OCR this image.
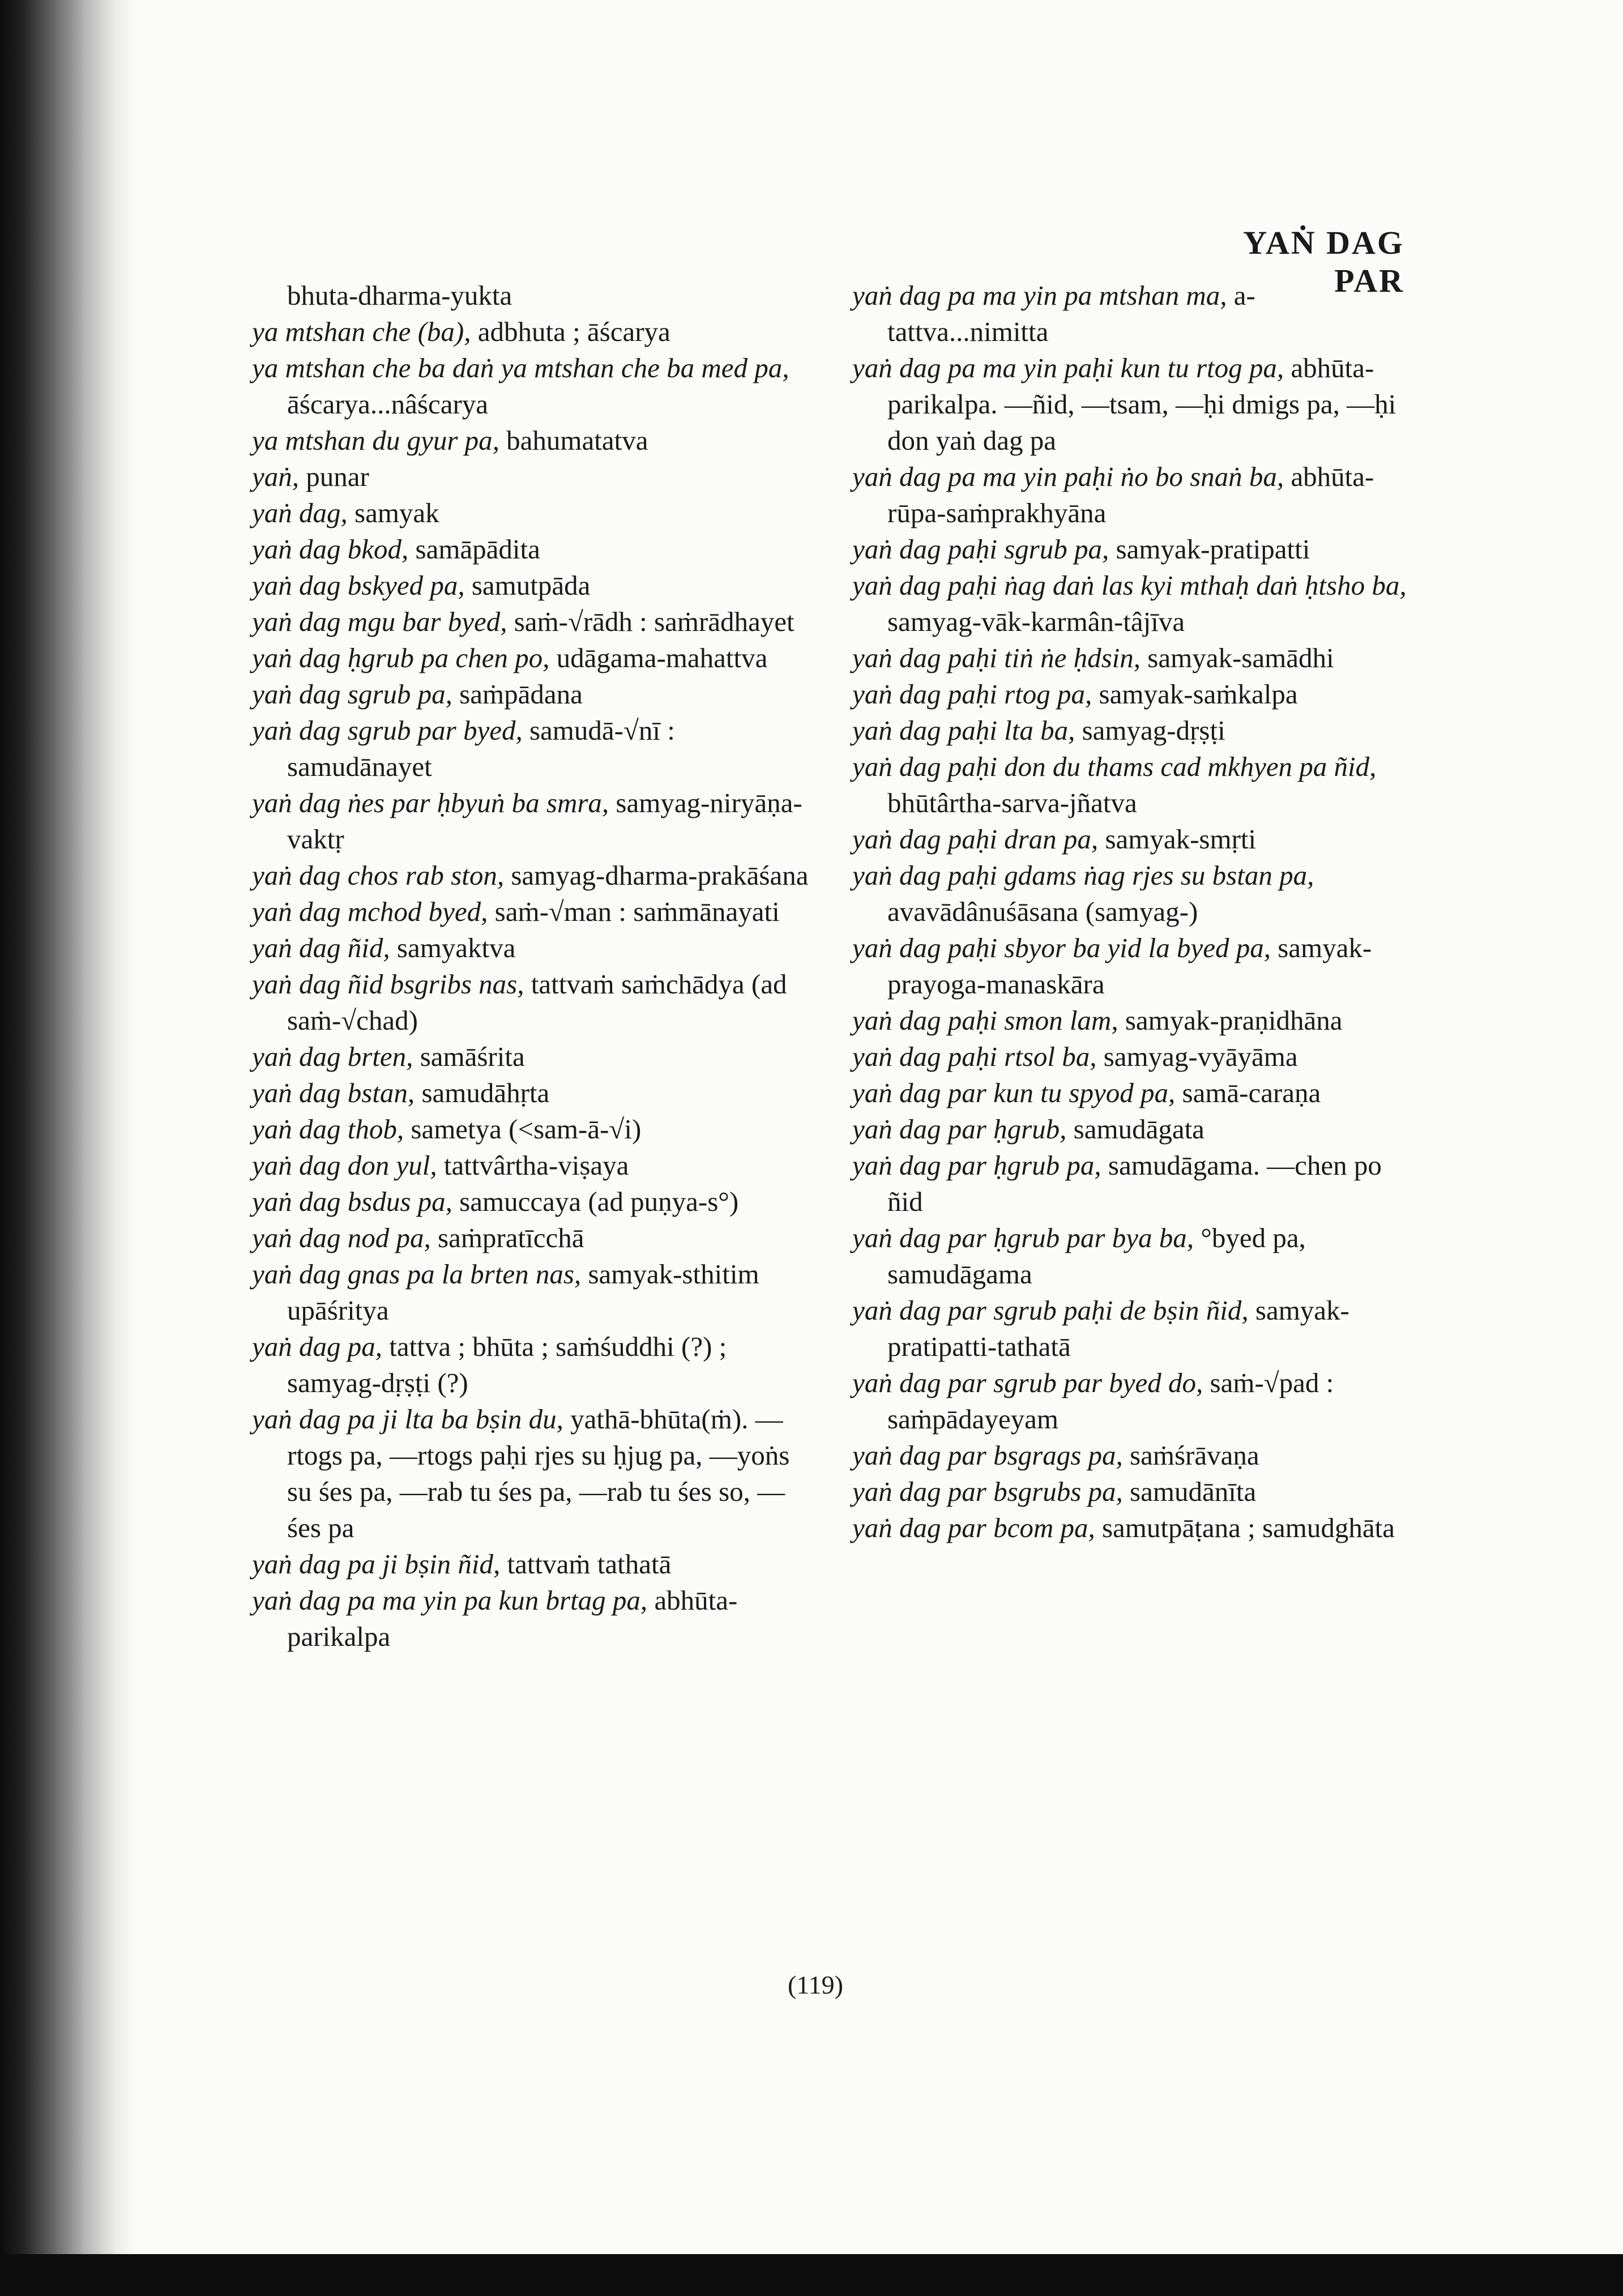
YAṄ DAG PAR
bhuta-dharma-yukta
ya mtshan che (ba), adbhuta ; āścarya
ya mtshan che ba daṅ ya mtshan che ba med pa, āścarya...nâścarya
ya mtshan du gyur pa, bahumatatva
yaṅ, punar
yaṅ dag, samyak
yaṅ dag bkod, samāpādita
yaṅ dag bskyed pa, samutpāda
yaṅ dag mgu bar byed, saṁ-√rādh : saṁrādhayet
yaṅ dag ḥgrub pa chen po, udāgama-mahattva
yaṅ dag sgrub pa, saṁpādana
yaṅ dag sgrub par byed, samudā-√nī : samudānayet
yaṅ dag ṅes par ḥbyuṅ ba smra, samyag-niryāṇa-vaktṛ
yaṅ dag chos rab ston, samyag-dharma-prakāśana
yaṅ dag mchod byed, saṁ-√man : saṁmānayati
yaṅ dag ñid, samyaktva
yaṅ dag ñid bsgribs nas, tattvaṁ saṁchādya (ad saṁ-√chad)
yaṅ dag brten, samāśrita
yaṅ dag bstan, samudāhṛta
yaṅ dag thob, sametya (<sam-ā-√i)
yaṅ dag don yul, tattvârtha-viṣaya
yaṅ dag bsdus pa, samuccaya (ad puṇya-s°)
yaṅ dag nod pa, saṁpratīcchā
yaṅ dag gnas pa la brten nas, samyak-sthitim upāśritya
yaṅ dag pa, tattva ; bhūta ; saṁśuddhi (?) ; samyag-dṛṣṭi (?)
yaṅ dag pa ji lta ba bṣin du, yathā-bhūta(ṁ). —rtogs pa, —rtogs paḥi rjes su ḥjug pa, —yoṅs su śes pa, —rab tu śes pa, —rab tu śes so, —śes pa
yaṅ dag pa ji bṣin ñid, tattvaṁ tathatā
yaṅ dag pa ma yin pa kun brtag pa, abhūta-parikalpa
yaṅ dag pa ma yin pa mtshan ma, a-tattva...nimitta
yaṅ dag pa ma yin paḥi kun tu rtog pa, abhūta-parikalpa. —ñid, —tsam, —ḥi dmigs pa, —ḥi don yaṅ dag pa
yaṅ dag pa ma yin paḥi ṅo bo snaṅ ba, abhūta-rūpa-saṁprakhyāna
yaṅ dag paḥi sgrub pa, samyak-pratipatti
yaṅ dag paḥi ṅag daṅ las kyi mthaḥ daṅ ḥtsho ba, samyag-vāk-karmân-tâjīva
yaṅ dag paḥi tiṅ ṅe ḥdsin, samyak-samādhi
yaṅ dag paḥi rtog pa, samyak-saṁkalpa
yaṅ dag paḥi lta ba, samyag-dṛṣṭi
yaṅ dag paḥi don du thams cad mkhyen pa ñid, bhūtârtha-sarva-jñatva
yaṅ dag paḥi dran pa, samyak-smṛti
yaṅ dag paḥi gdams ṅag rjes su bstan pa, avavādânuśāsana (samyag-)
yaṅ dag paḥi sbyor ba yid la byed pa, samyak-prayoga-manaskāra
yaṅ dag paḥi smon lam, samyak-praṇidhāna
yaṅ dag paḥi rtsol ba, samyag-vyāyāma
yaṅ dag par kun tu spyod pa, samā-caraṇa
yaṅ dag par ḥgrub, samudāgata
yaṅ dag par ḥgrub pa, samudāgama. —chen po ñid
yaṅ dag par ḥgrub par bya ba, °byed pa, samudāgama
yaṅ dag par sgrub paḥi de bṣin ñid, samyak-pratipatti-tathatā
yaṅ dag par sgrub par byed do, saṁ-√pad : saṁpādayeyam
yaṅ dag par bsgrags pa, saṁśrāvaṇa
yaṅ dag par bsgrubs pa, samudānīta
yaṅ dag par bcom pa, samutpāṭana ; samudghāta
(119)
